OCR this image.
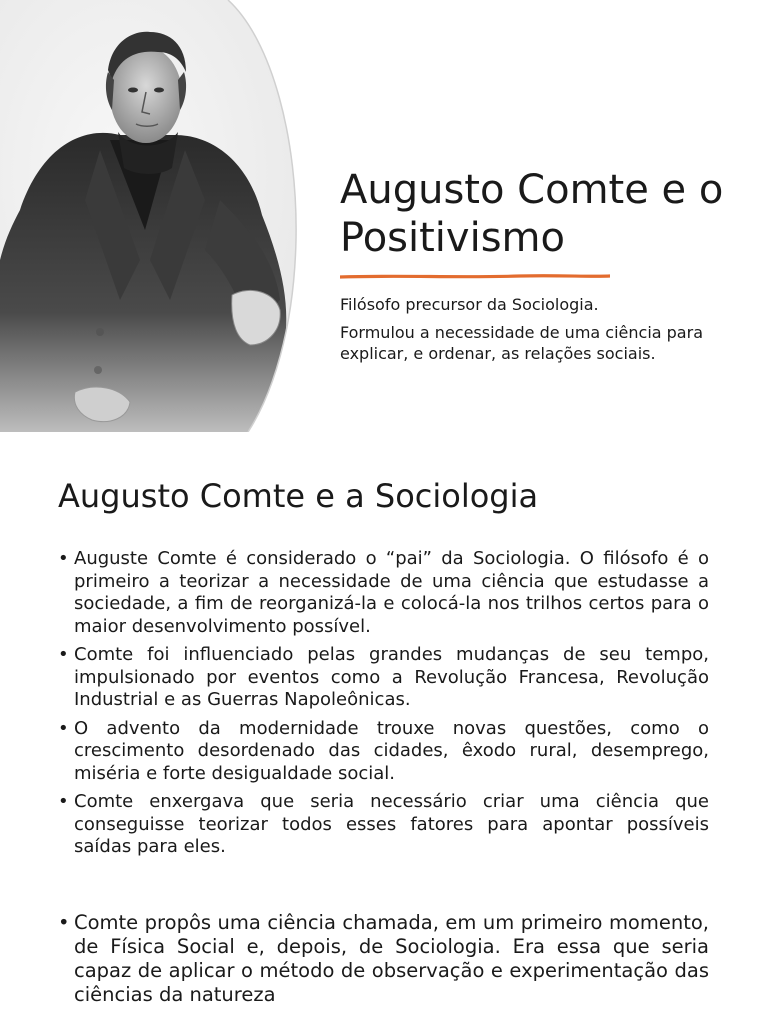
Augusto Comte e o Positivismo

Filósofo precursor da Sociologia.

Formulou a necessidade de uma ciência para explicar, e ordenar, as relações sociais.

Augusto Comte e a Sociologia
• Auguste Comte é considerado o “pai” da Sociologia. O filósofo é o primeiro a teorizar a necessidade de uma ciência que estudasse a sociedade, a fim de reorganizá-la e colocá-la nos trilhos certos para o maior desenvolvimento possível.
• Comte foi influenciado pelas grandes mudanças de seu tempo, impulsionado por eventos como a Revolução Francesa, Revolução Industrial e as Guerras Napoleônicas.
• O advento da modernidade trouxe novas questões, como o crescimento desordenado das cidades, êxodo rural, desemprego, miséria e forte desigualdade social.
• Comte enxergava que seria necessário criar uma ciência que conseguisse teorizar todos esses fatores para apontar possíveis saídas para eles.
• Comte propôs uma ciência chamada, em um primeiro momento, de Física Social e, depois, de Sociologia. Era essa que seria capaz de aplicar o método de observação e experimentação das ciências da natureza
